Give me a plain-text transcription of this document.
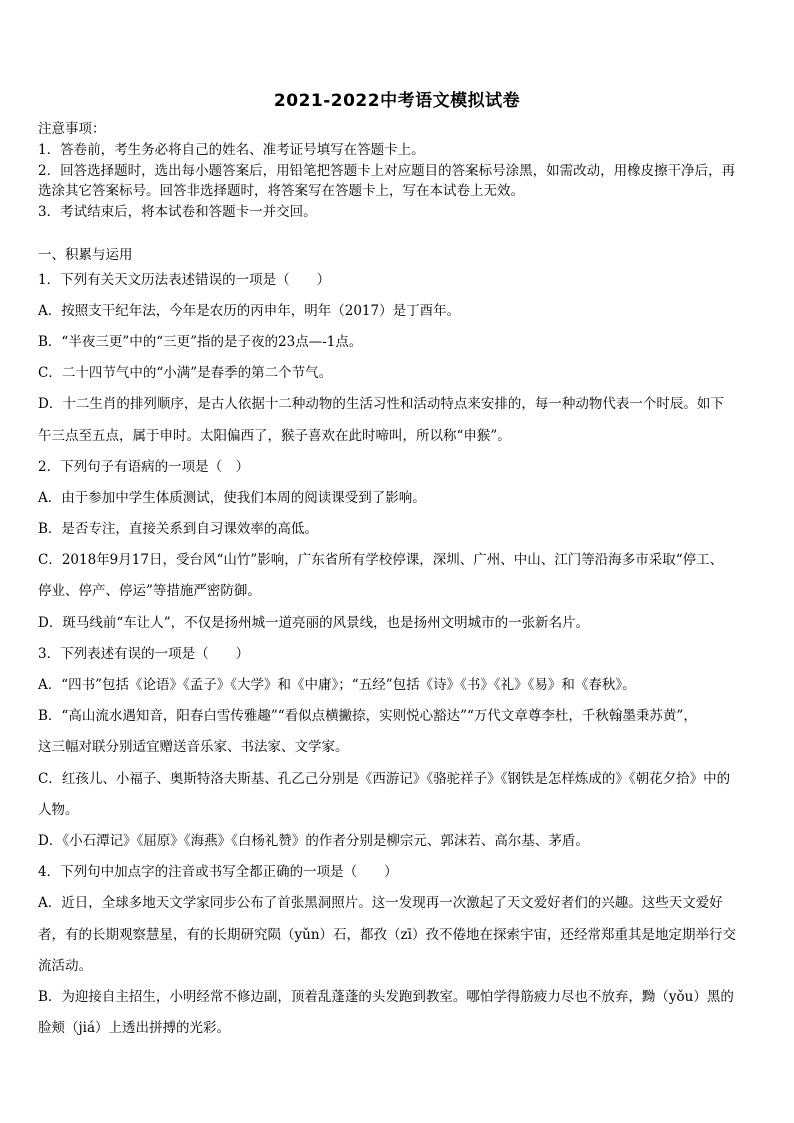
2021-2022中考语文模拟试卷
注意事项：
1．答卷前，考生务必将自己的姓名、准考证号填写在答题卡上。
2．回答选择题时，选出每小题答案后，用铅笔把答题卡上对应题目的答案标号涂黑，如需改动，用橡皮擦干净后，再
选涂其它答案标号。回答非选择题时，将答案写在答题卡上，写在本试卷上无效。
3．考试结束后，将本试卷和答题卡一并交回。
一、积累与运用
1．下列有关天文历法表述错误的一项是（　　）
A．按照支干纪年法，今年是农历的丙申年，明年（2017）是丁酉年。
B．“半夜三更”中的“三更”指的是子夜的23点—-1点。
C．二十四节气中的“小满”是春季的第二个节气。
D．十二生肖的排列顺序，是古人依据十二种动物的生活习性和活动特点来安排的，每一种动物代表一个时辰。如下
午三点至五点，属于申时。太阳偏西了，猴子喜欢在此时啼叫，所以称“申猴”。
2．下列句子有语病的一项是（　）
A．由于参加中学生体质测试，使我们本周的阅读课受到了影响。
B．是否专注，直接关系到自习课效率的高低。
C．2018年9月17日，受台风“山竹”影响，广东省所有学校停课，深圳、广州、中山、江门等沿海多市采取“停工、
停业、停产、停运”等措施严密防御。
D．斑马线前“车让人”，不仅是扬州城一道亮丽的风景线，也是扬州文明城市的一张新名片。
3．下列表述有误的一项是（　　）
A．“四书”包括《论语》《孟子》《大学》和《中庸》；“五经”包括《诗》《书》《礼》《易》和《春秋》。
B．“高山流水遇知音，阳春白雪传雅趣”“看似点横撇捺，实则悦心豁达”“万代文章尊李杜，千秋翰墨秉苏黄”，
这三幅对联分别适宜赠送音乐家、书法家、文学家。
C．红孩儿、小福子、奥斯特洛夫斯基、孔乙己分别是《西游记》《骆驼祥子》《钢铁是怎样炼成的》《朝花夕拾》中的
人物。
D．《小石潭记》《屈原》《海燕》《白杨礼赞》的作者分别是柳宗元、郭沫若、高尔基、茅盾。
4．下列句中加点字的注音或书写全都正确的一项是（　　）
A．近日，全球多地天文学家同步公布了首张黑洞照片。这一发现再一次激起了天文爱好者们的兴趣。这些天文爱好
者，有的长期观察慧星，有的长期研究陨（yǔn）石，都孜（zī）孜不倦地在探索宇宙，还经常郑重其是地定期举行交
流活动。
B．为迎接自主招生，小明经常不修边副，顶着乱蓬蓬的头发跑到教室。哪怕学得筋疲力尽也不放弃，黝（yǒu）黑的
脸颊（jiá）上透出拼搏的光彩。
